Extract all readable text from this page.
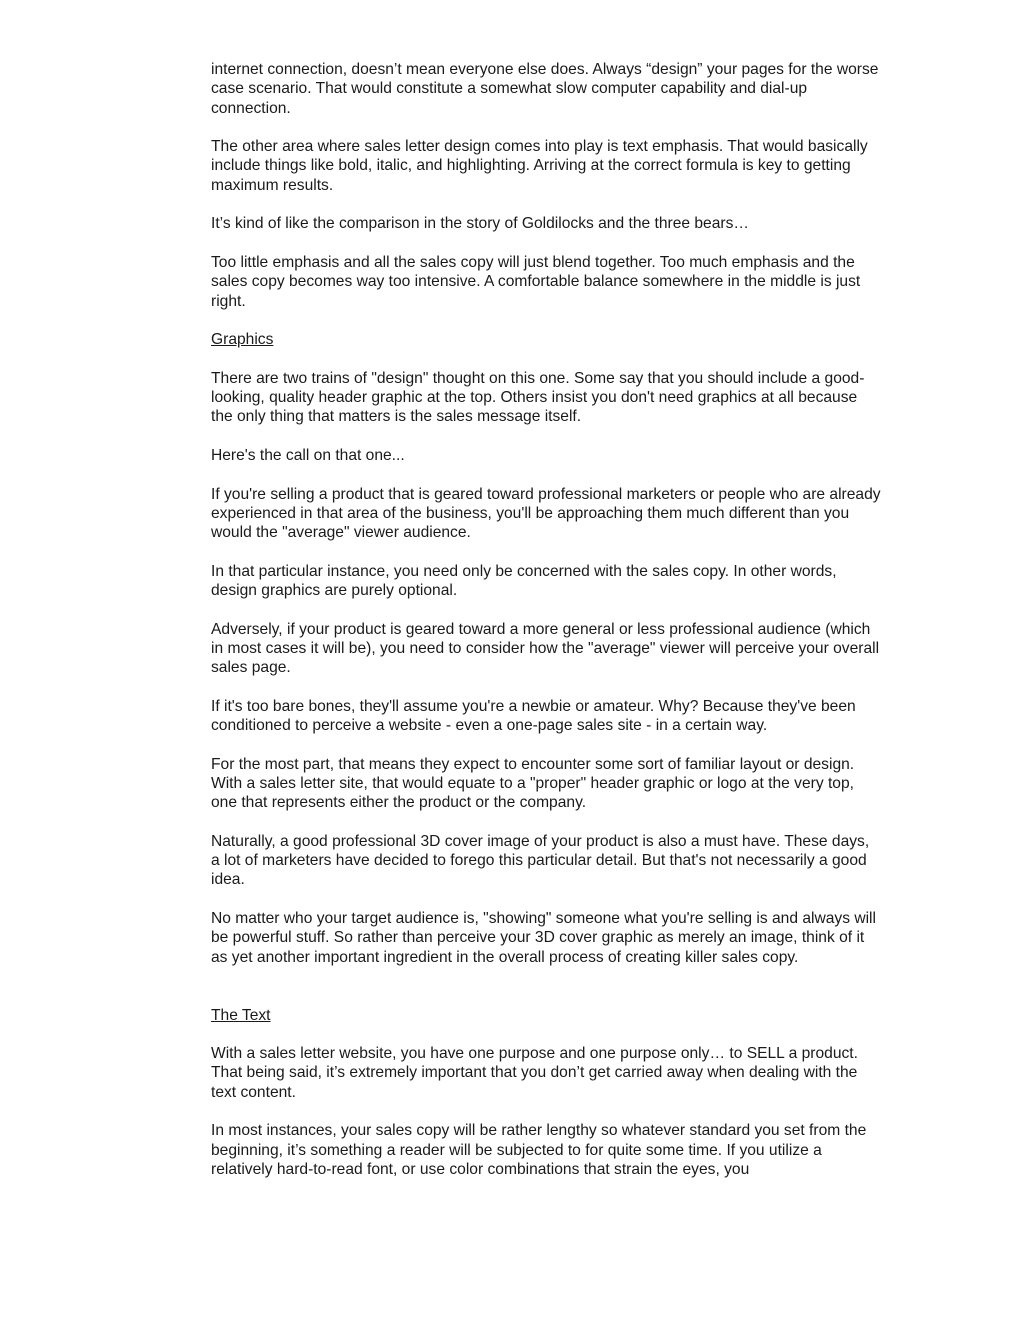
internet connection, doesn’t mean everyone else does. Always “design” your pages for the worse case scenario. That would constitute a somewhat slow computer capability and dial-up connection.

The other area where sales letter design comes into play is text emphasis. That would basically include things like bold, italic, and highlighting. Arriving at the correct formula is key to getting maximum results.

It’s kind of like the comparison in the story of Goldilocks and the three bears…

Too little emphasis and all the sales copy will just blend together. Too much emphasis and the sales copy becomes way too intensive. A comfortable balance somewhere in the middle is just right.

Graphics

There are two trains of "design" thought on this one. Some say that you should include a good-looking, quality header graphic at the top. Others insist you don't need graphics at all because the only thing that matters is the sales message itself.

Here's the call on that one...

If you're selling a product that is geared toward professional marketers or people who are already experienced in that area of the business, you'll be approaching them much different than you would the "average" viewer audience.

In that particular instance, you need only be concerned with the sales copy. In other words, design graphics are purely optional.

Adversely, if your product is geared toward a more general or less professional audience (which in most cases it will be), you need to consider how the "average" viewer will perceive your overall sales page.

If it's too bare bones, they'll assume you're a newbie or amateur. Why? Because they've been conditioned to perceive a website - even a one-page sales site - in a certain way.

For the most part, that means they expect to encounter some sort of familiar layout or design. With a sales letter site, that would equate to a "proper" header graphic or logo at the very top, one that represents either the product or the company.

Naturally, a good professional 3D cover image of your product is also a must have. These days, a lot of marketers have decided to forego this particular detail. But that's not necessarily a good idea.

No matter who your target audience is, "showing" someone what you're selling is and always will be powerful stuff. So rather than perceive your 3D cover graphic as merely an image, think of it as yet another important ingredient in the overall process of creating killer sales copy.

The Text

With a sales letter website, you have one purpose and one purpose only… to SELL a product. That being said, it’s extremely important that you don’t get carried away when dealing with the text content.

In most instances, your sales copy will be rather lengthy so whatever standard you set from the beginning, it’s something a reader will be subjected to for quite some time. If you utilize a relatively hard-to-read font, or use color combinations that strain the eyes, you
